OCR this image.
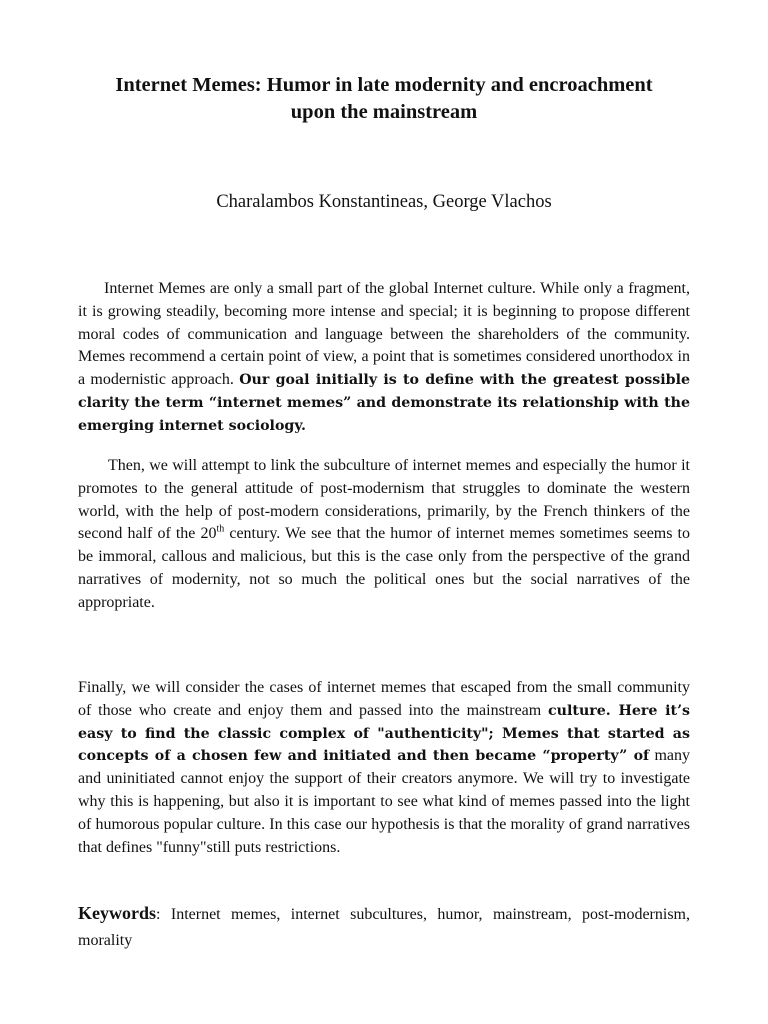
Internet Memes: Humor in late modernity and encroachment
upon the mainstream
Charalambos Konstantineas, George Vlachos

Internet Memes are only a small part of the global Internet culture. While only a fragment, it is growing steadily, becoming more intense and special; it is beginning to propose different moral codes of communication and language between the shareholders of the community. Memes recommend a certain point of view, a point that is sometimes considered unorthodox in a modernistic approach. Our goal initially is to define with the greatest possible clarity the term “internet memes” and demonstrate its relationship with the emerging internet sociology.

Then, we will attempt to link the subculture of internet memes and especially the humor it promotes to the general attitude of post-modernism that struggles to dominate the western world, with the help of post-modern considerations, primarily, by the French thinkers of the second half of the 20th century. We see that the humor of internet memes sometimes seems to be immoral, callous and malicious, but this is the case only from the perspective of the grand narratives of modernity, not so much the political ones but the social narratives of the appropriate.

Finally, we will consider the cases of internet memes that escaped from the small community of those who create and enjoy them and passed into the mainstream culture. Here it’s easy to find the classic complex of "authenticity"; Memes that started as concepts of a chosen few and initiated and then became “property” of many and uninitiated cannot enjoy the support of their creators anymore. We will try to investigate why this is happening, but also it is important to see what kind of memes passed into the light of humorous popular culture. In this case our hypothesis is that the morality of grand narratives that defines "funny"still puts restrictions.

Keywords: Internet memes, internet subcultures, humor, mainstream, post-modernism, morality
